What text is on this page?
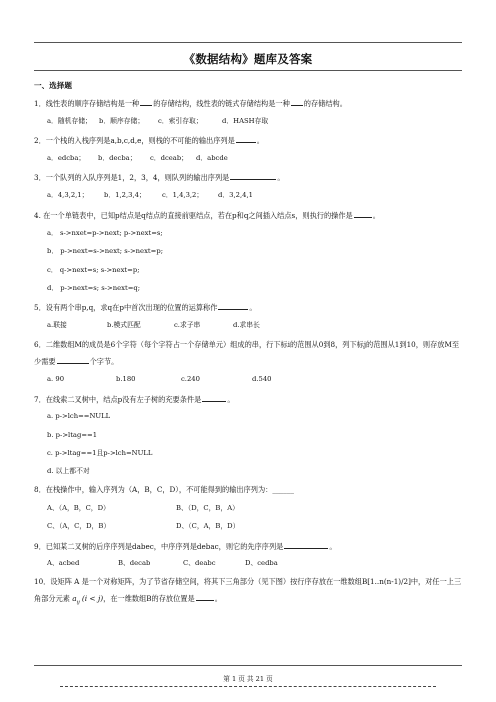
《数据结构》题库及答案
一、选择题
1．线性表的顺序存储结构是一种 的存储结构，线性表的链式存储结构是一种 的存储结构。
a．随机存储； b．顺序存储； c．索引存取；	d．HASH存取
2．一个栈的入栈序列是a,b,c,d,e，则栈的不可能的输出序列是	。
a．edcba； b．decba； c．dceab； d．abcde
3．一个队列的入队序列是1，2，3，4，则队列的输出序列是	。
a．4,3,2,1； b．1,2,3,4； c．1,4,3,2； d．3,2,4,1
4. 在一个单链表中，已知p结点是q结点的直接前驱结点，若在p和q之间插入结点s，则执行的操作是	。
a． s->nxet=p->next; p->next=s;
b． p->next=s->next; s->next=p;
c． q->next=s; s->next=p;
d． p->next=s; s->next=q;
5．设有两个串p,q，求q在p中首次出现的位置的运算称作	。
a.联接	b.模式匹配	c.求子串	d.求串长
6．二维数组M的成员是6个字符（每个字符占一个存储单元）组成的串，行下标i的范围从0到8，列下标j的范围从1到10，则存放M至少需要	个字节。
a. 90	b.180	c.240	d.540
7．在线索二叉树中，结点p没有左子树的充要条件是	。
a. p->lch==NULL
b. p->ltag==1
c. p->ltag==1且p->lch=NULL
d. 以上都不对
8．在栈操作中，输入序列为（A，B，C，D），不可能得到的输出序列为：______
A、（A，B，C，D）	B、（D，C，B，A）
C、（A，C，D，B）	D、（C，A，B，D）
9．已知某二叉树的后序序列是dabec，中序序列是debac，则它的先序序列是	。
A、acbed	B、decab	C、deabc	D、cedba
10．设矩阵 A 是一个对称矩阵，为了节省存储空间，将其下三角部分（见下图）按行序存放在一维数组B[1..n(n-1)/2]中，对任一上三角部分元素 $a_{ij}$ (i < j)，在一维数组B的存放位置是	。
第 1 页 共 21 页
